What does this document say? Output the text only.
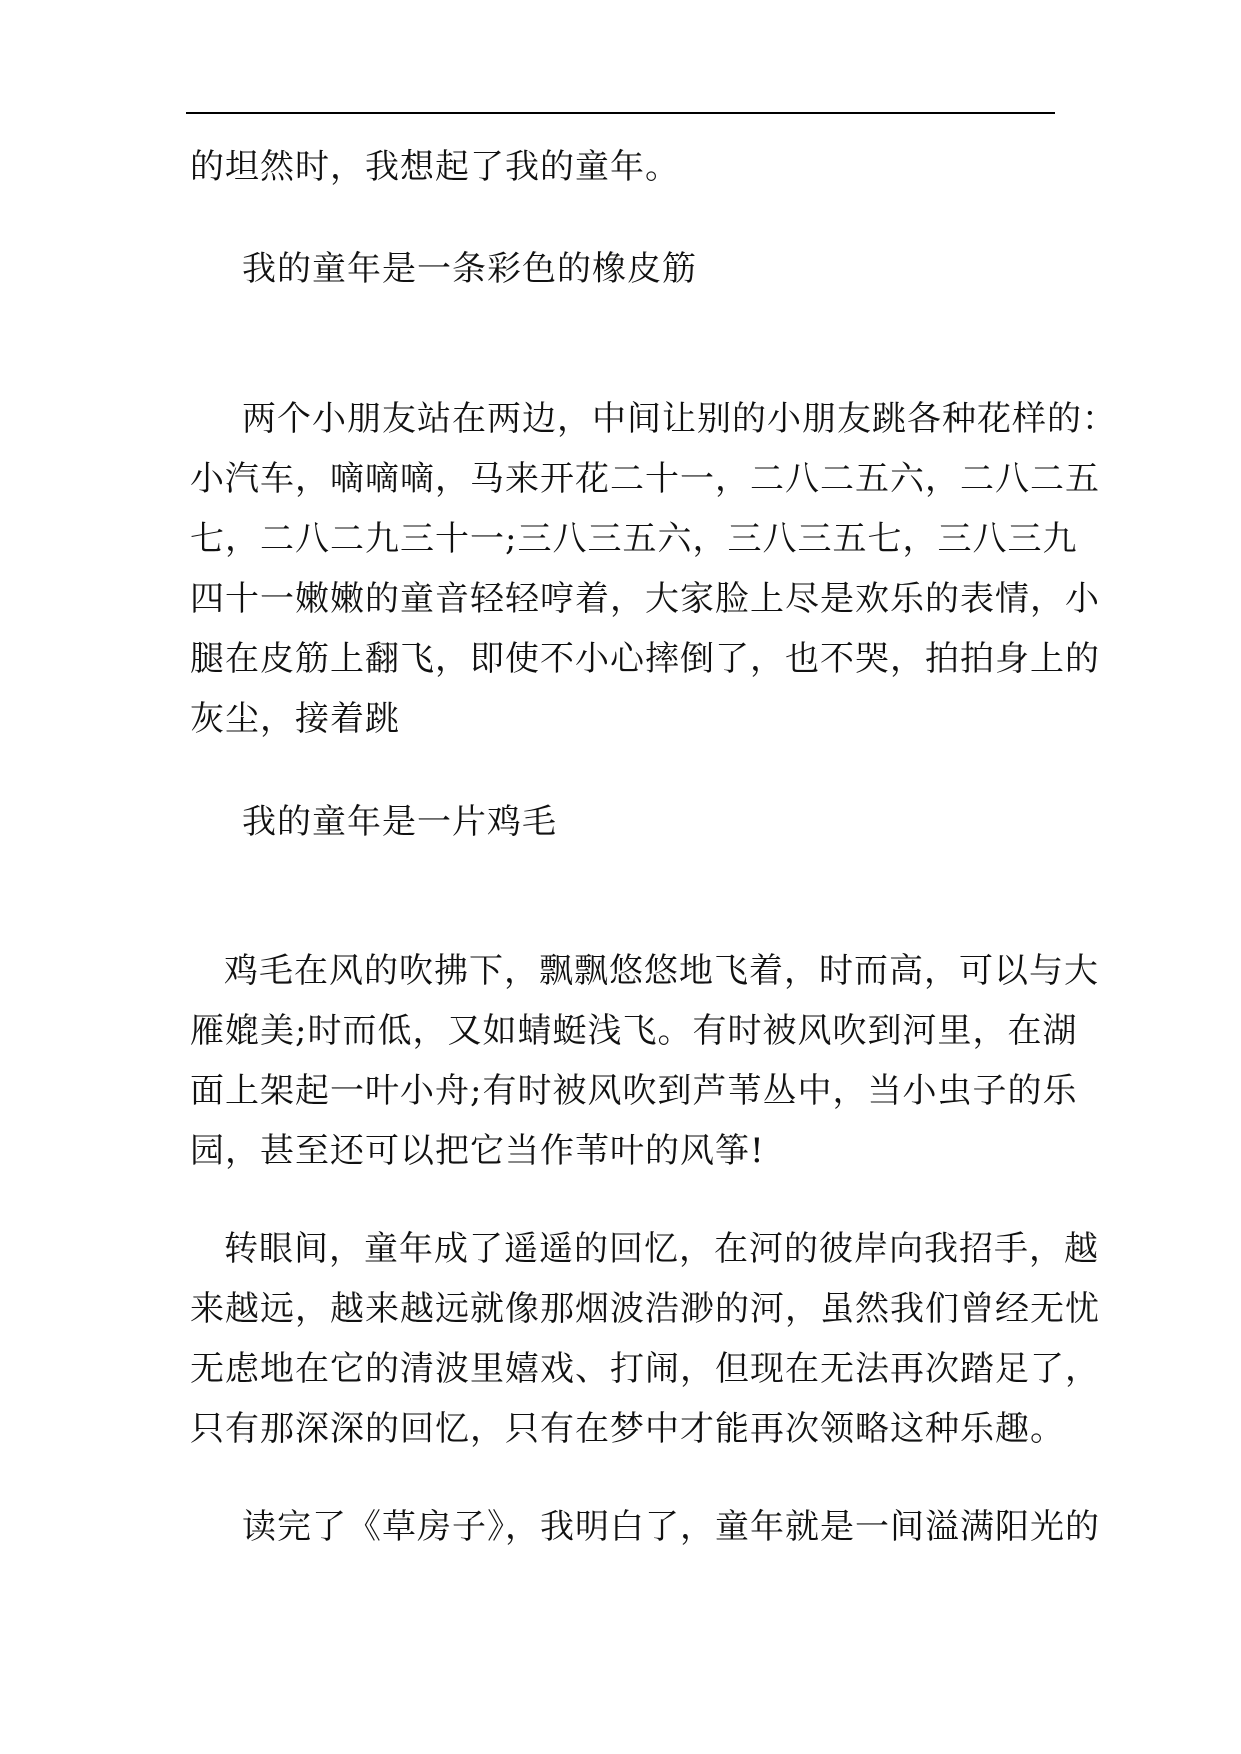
的坦然时，我想起了我的童年。
我的童年是一条彩色的橡皮筋
两个小朋友站在两边，中间让别的小朋友跳各种花样的：
小汽车，嘀嘀嘀，马来开花二十一，二八二五六，二八二五
七，二八二九三十一;三八三五六，三八三五七，三八三九
四十一嫩嫩的童音轻轻哼着，大家脸上尽是欢乐的表情，小
腿在皮筋上翻飞，即使不小心摔倒了，也不哭，拍拍身上的
灰尘，接着跳
我的童年是一片鸡毛
鸡毛在风的吹拂下，飘飘悠悠地飞着，时而高，可以与大
雁媲美;时而低，又如蜻蜓浅飞。有时被风吹到河里，在湖
面上架起一叶小舟;有时被风吹到芦苇丛中，当小虫子的乐
园，甚至还可以把它当作苇叶的风筝!
转眼间，童年成了遥遥的回忆，在河的彼岸向我招手，越
来越远，越来越远就像那烟波浩渺的河，虽然我们曾经无忧
无虑地在它的清波里嬉戏、打闹，但现在无法再次踏足了，
只有那深深的回忆，只有在梦中才能再次领略这种乐趣。
读完了《草房子》，我明白了，童年就是一间溢满阳光的
